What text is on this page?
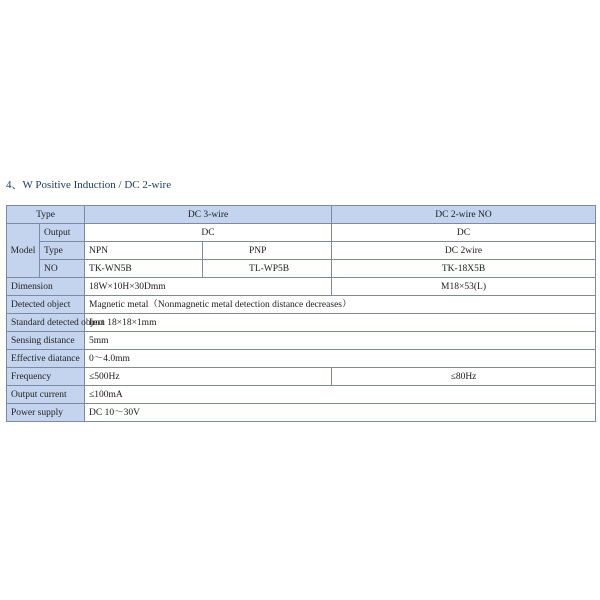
4、W Positive Induction / DC 2-wire
Type		DC 3-wire		DC 2-wire NO
Model	Output	DC		DC
	Type	NPN	PNP	DC 2wire
	NO	TK-WN5B	TL-WP5B	TK-18X5B
Dimension		18W×10H×30Dmm		M18×53(L)
Detected object		Magnetic metal（Nonmagnetic metal detection distance decreases）		
Standard detected object		Iron 18×18×1mm		
Sensing distance		5mm		
Effective diatance		0～4.0mm		
Frequency		≤500Hz		≤80Hz
Output current		≤100mA		
Power supply		DC 10～30V		
